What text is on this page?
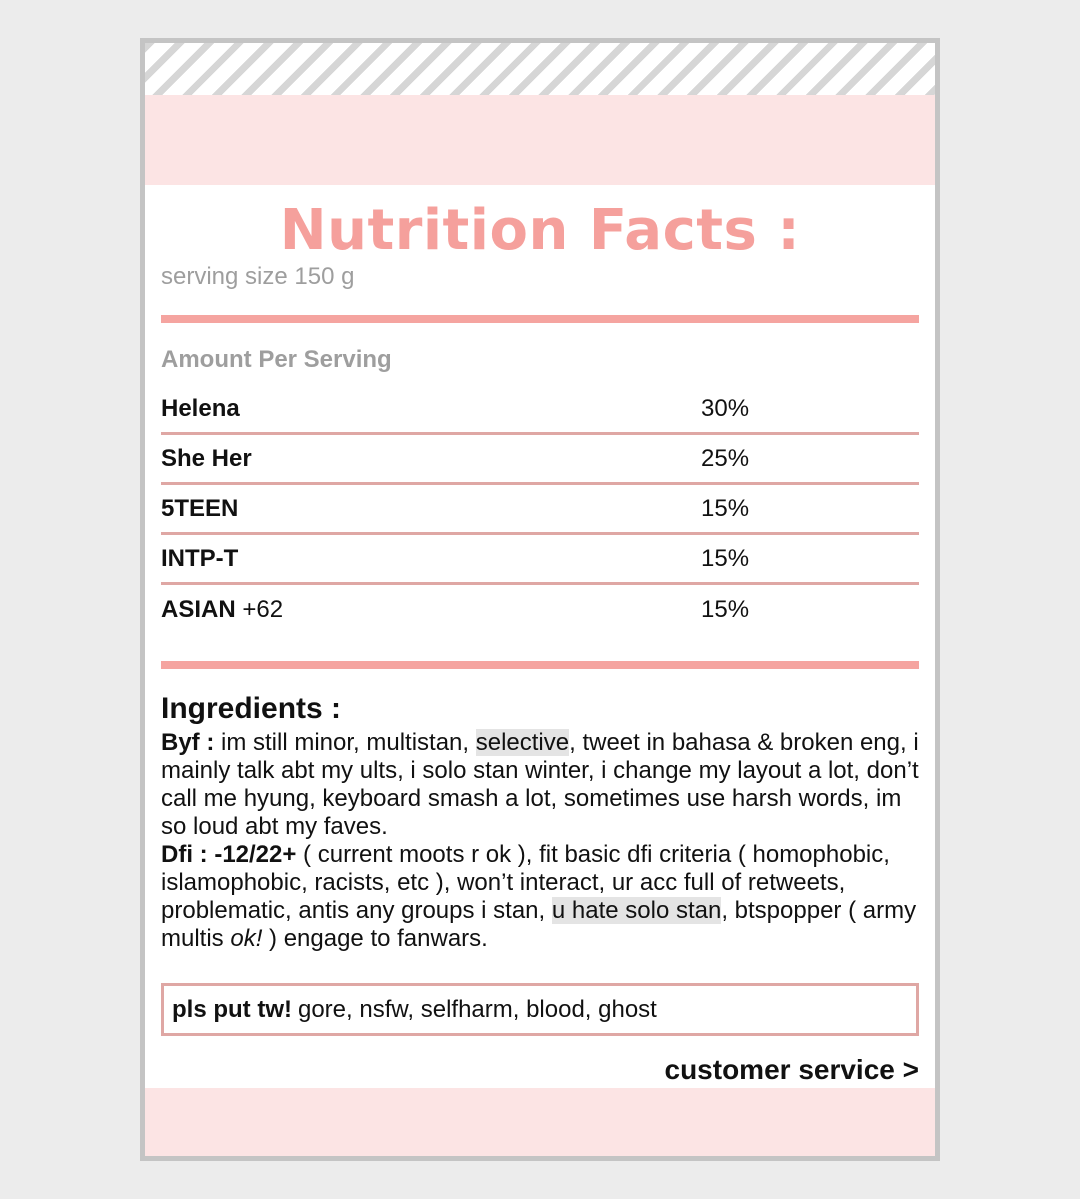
Nutrition Facts :
serving size 150 g
Amount Per Serving
Helena	30%
She Her	25%
5TEEN	15%
INTP-T	15%
ASIAN +62	15%
Ingredients :

Byf : im still minor, multistan, selective, tweet in bahasa & broken eng, i mainly talk abt my ults, i solo stan winter, i change my layout a lot, don’t call me hyung, keyboard smash a lot, sometimes use harsh words, im so loud abt my faves.
Dfi : -12/22+ ( current moots r ok ), fit basic dfi criteria ( homophobic, islamophobic, racists, etc ), won’t interact, ur acc full of retweets, problematic, antis any groups i stan, u hate solo stan, btspopper ( army multis ok! ) engage to fanwars.

pls put tw! gore, nsfw, selfharm, blood, ghost
customer service >
